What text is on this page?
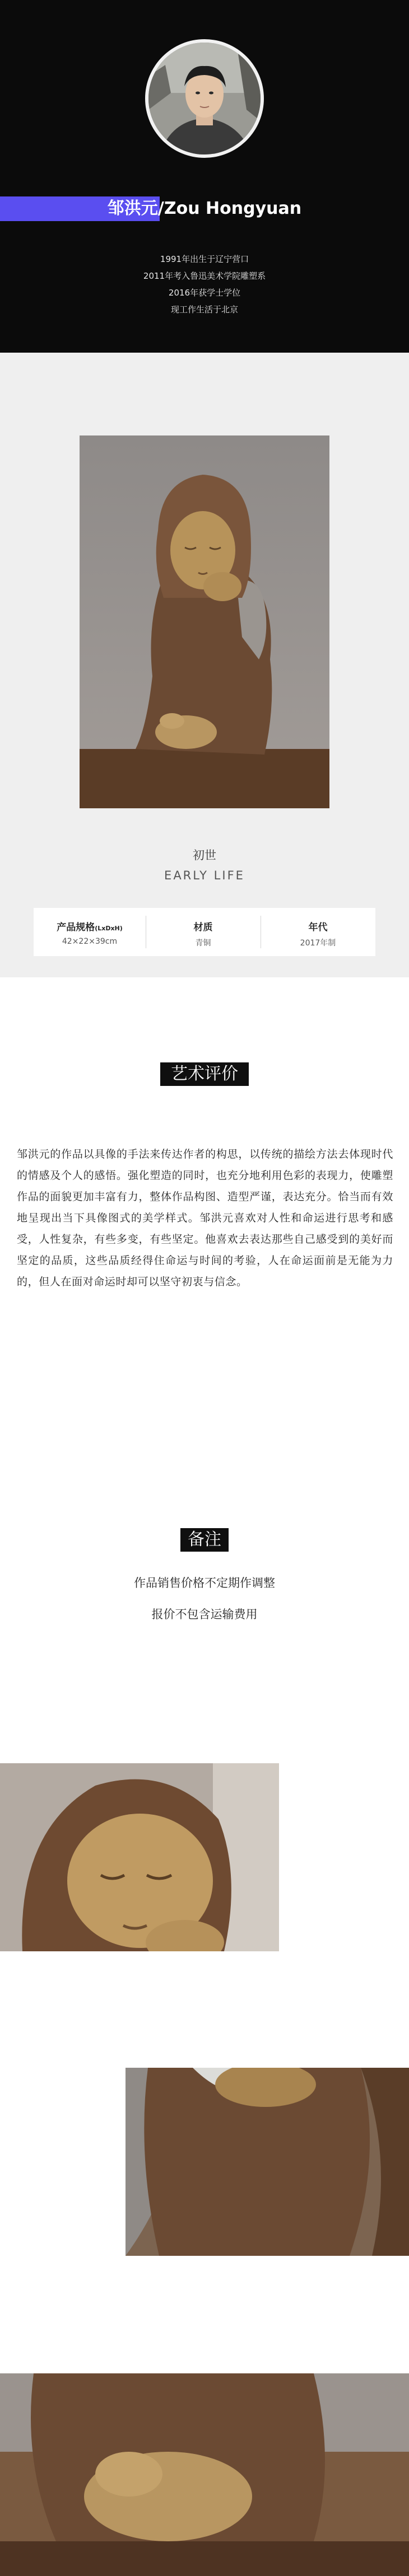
邹洪元/Zou Hongyuan
1991年出生于辽宁营口
2011年考入鲁迅美术学院雕塑系
2016年获学士学位
现工作生活于北京
初世
EARLY LIFE
产品规格(LxDxH)
42×22×39cm
材质
青铜
年代
2017年制
艺术评价
邹洪元的作品以具像的手法来传达作者的构思，以传统的描绘方法去体现时代的情感及个人的感悟。强化塑造的同时，也充分地利用色彩的表现力，使雕塑作品的面貌更加丰富有力，整体作品构图、造型严谨，表达充分。恰当而有效地呈现出当下具像图式的美学样式。邹洪元喜欢对人性和命运进行思考和感受，人性复杂，有些多变，有些坚定。他喜欢去表达那些自己感受到的美好而坚定的品质，这些品质经得住命运与时间的考验，人在命运面前是无能为力的，但人在面对命运时却可以坚守初衷与信念。
备注
作品销售价格不定期作调整
报价不包含运输费用
